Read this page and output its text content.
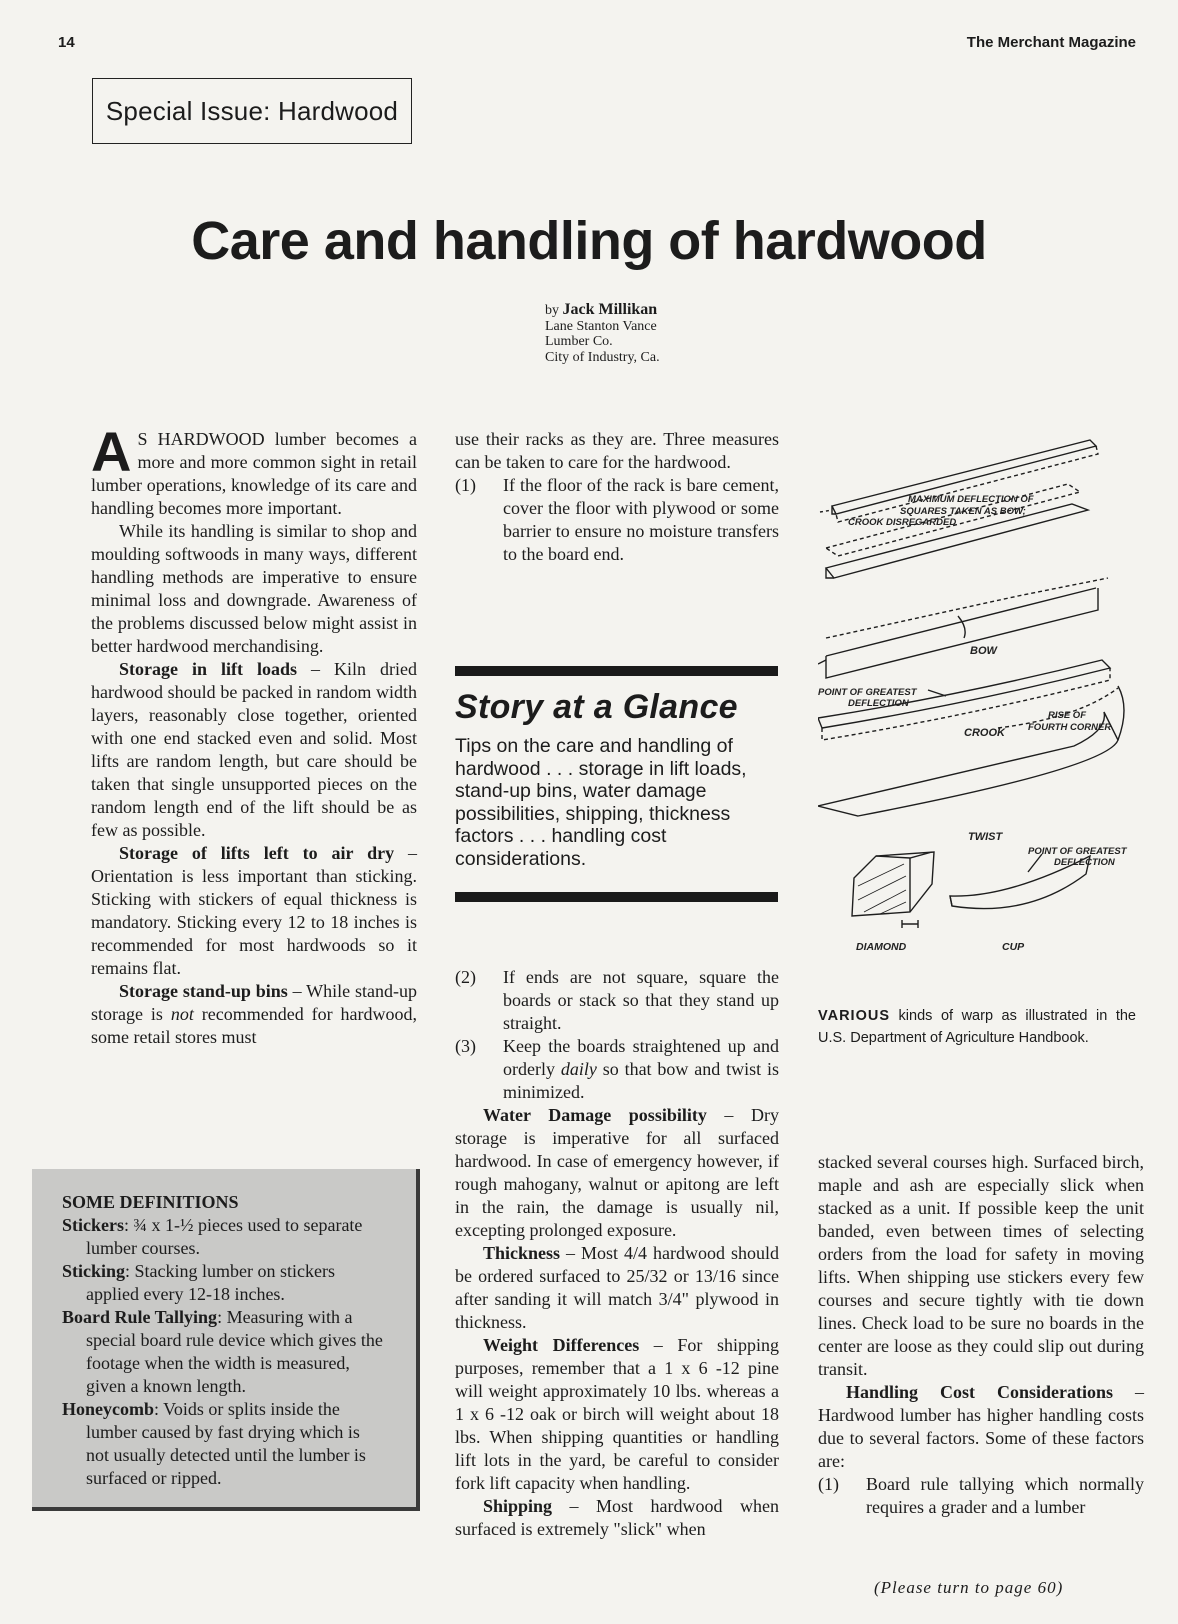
14	The Merchant Magazine
Special Issue: Hardwood
Care and handling of hardwood
by Jack Millikan
Lane Stanton Vance
Lumber Co.
City of Industry, Ca.

A S HARDWOOD lumber becomes a more and more common sight in retail lumber operations, knowledge of its care and handling becomes more important.

While its handling is similar to shop and moulding softwoods in many ways, different handling methods are imperative to ensure minimal loss and downgrade. Awareness of the problems discussed below might assist in better hardwood merchandising.

Storage in lift loads – Kiln dried hardwood should be packed in random width layers, reasonably close together, oriented with one end stacked even and solid. Most lifts are random length, but care should be taken that single unsupported pieces on the random length end of the lift should be as few as possible.

Storage of lifts left to air dry – Orientation is less important than sticking. Sticking with stickers of equal thickness is mandatory. Sticking every 12 to 18 inches is recommended for most hardwoods so it remains flat.

Storage stand-up bins – While stand-up storage is not recommended for hardwood, some retail stores must

use their racks as they are. Three measures can be taken to care for the hardwood.

(1)	If the floor of the rack is bare cement, cover the floor with plywood or some barrier to ensure no moisture transfers to the board end.
Story at a Glance
Tips on the care and handling of hardwood . . . storage in lift loads, stand-up bins, water damage possibilities, shipping, thickness factors . . . handling cost considerations.
(2)	If ends are not square, square the boards or stack so that they stand up straight.
(3)	Keep the boards straightened up and orderly daily so that bow and twist is minimized.

Water Damage possibility – Dry storage is imperative for all surfaced hardwood. In case of emergency however, if rough mahogany, walnut or apitong are left in the rain, the damage is usually nil, excepting prolonged exposure.

Thickness – Most 4/4 hardwood should be ordered surfaced to 25/32 or 13/16 since after sanding it will match 3/4" plywood in thickness.

Weight Differences – For shipping purposes, remember that a 1 x 6 -12 pine will weight approximately 10 lbs. whereas a 1 x 6 -12 oak or birch will weight about 18 lbs. When shipping quantities or handling lift lots in the yard, be careful to consider fork lift capacity when handling.

Shipping – Most hardwood when surfaced is extremely "slick" when

SOME DEFINITIONS
Stickers: ¾ x 1-½ pieces used to separate lumber courses.
Sticking: Stacking lumber on stickers applied every 12-18 inches.
Board Rule Tallying: Measuring with a special board rule device which gives the footage when the width is measured, given a known length.
Honeycomb: Voids or splits inside the lumber caused by fast drying which is not usually detected until the lumber is surfaced or ripped.
MAXIMUM DEFLECTION OF
SQUARES TAKEN AS BOW;
CROOK DISREGARDED
BOW
POINT OF GREATEST
DEFLECTION
CROOK
RISE OF
FOURTH CORNER
TWIST
POINT OF GREATEST
DEFLECTION
DIAMOND	CUP
VARIOUS kinds of warp as illustrated in the U.S. Department of Agriculture Handbook.

stacked several courses high. Surfaced birch, maple and ash are especially slick when stacked as a unit. If possible keep the unit banded, even between times of selecting orders from the load for safety in moving lifts. When shipping use stickers every few courses and secure tightly with tie down lines. Check load to be sure no boards in the center are loose as they could slip out during transit.

Handling Cost Considerations – Hardwood lumber has higher handling costs due to several factors. Some of these factors are:

(1)	Board rule tallying which normally requires a grader and a lumber
(Please turn to page 60)
